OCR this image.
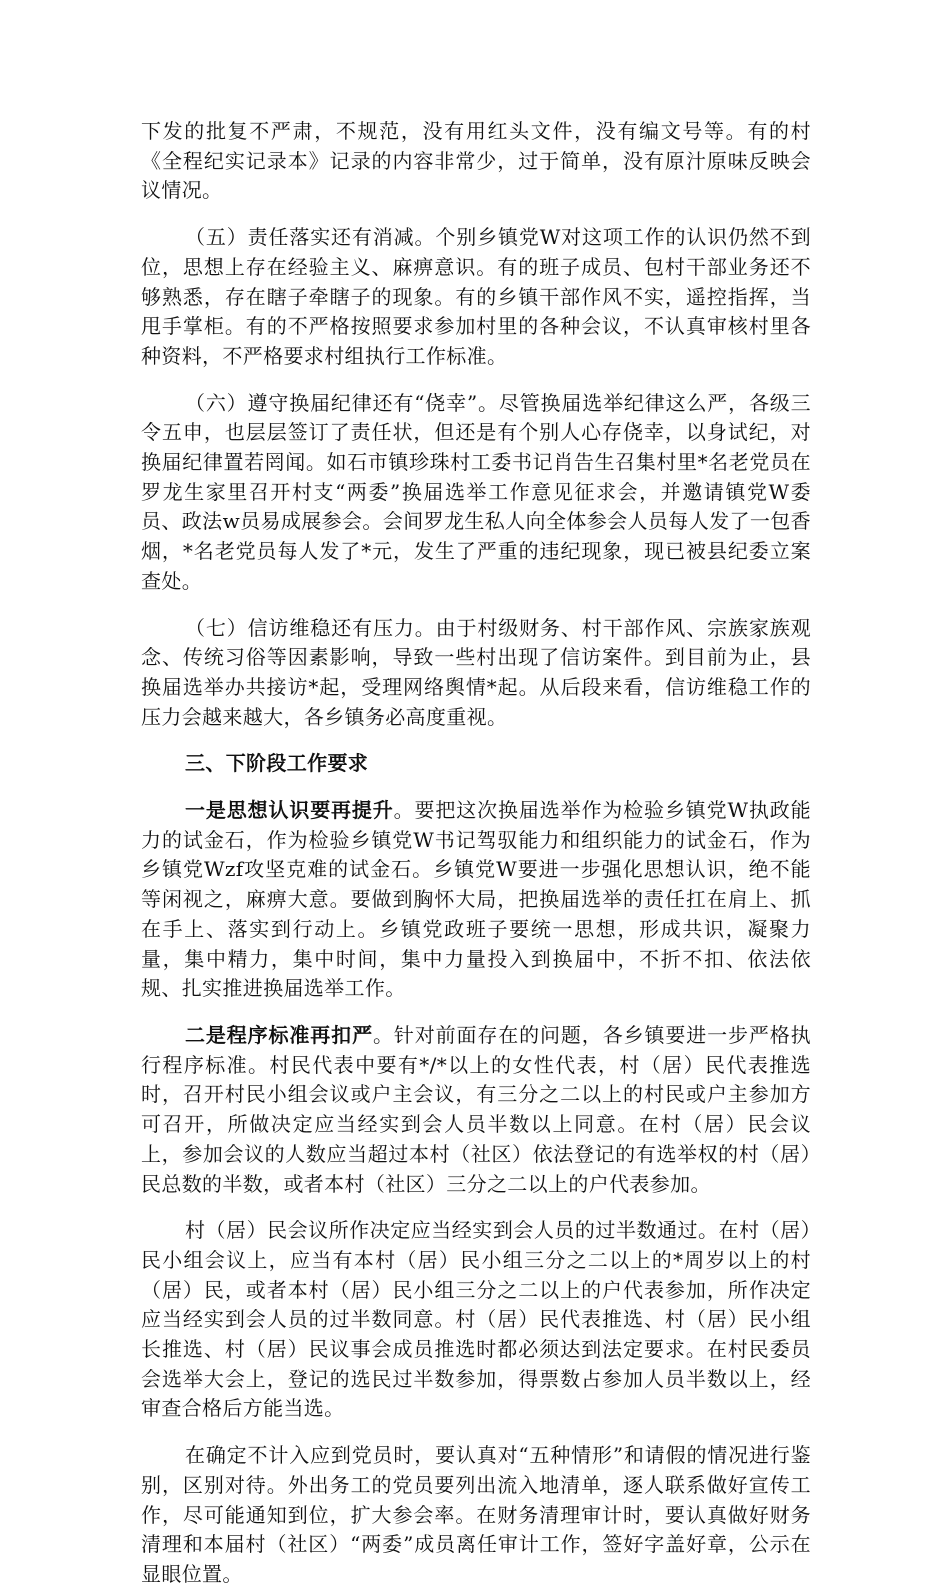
下发的批复不严肃，不规范，没有用红头文件，没有编文号等。有的村《全程纪实记录本》记录的内容非常少，过于简单，没有原汁原味反映会议情况。

（五）责任落实还有消减。个别乡镇党W对这项工作的认识仍然不到位，思想上存在经验主义、麻痹意识。有的班子成员、包村干部业务还不够熟悉，存在瞎子牵瞎子的现象。有的乡镇干部作风不实，遥控指挥，当甩手掌柜。有的不严格按照要求参加村里的各种会议，不认真审核村里各种资料，不严格要求村组执行工作标准。

（六）遵守换届纪律还有“侥幸”。尽管换届选举纪律这么严，各级三令五申，也层层签订了责任状，但还是有个别人心存侥幸，以身试纪，对换届纪律置若罔闻。如石市镇珍珠村工委书记肖告生召集村里*名老党员在罗龙生家里召开村支“两委”换届选举工作意见征求会，并邀请镇党W委员、政法w员易成展参会。会间罗龙生私人向全体参会人员每人发了一包香烟，*名老党员每人发了*元，发生了严重的违纪现象，现已被县纪委立案查处。

（七）信访维稳还有压力。由于村级财务、村干部作风、宗族家族观念、传统习俗等因素影响，导致一些村出现了信访案件。到目前为止，县换届选举办共接访*起，受理网络舆情*起。从后段来看，信访维稳工作的压力会越来越大，各乡镇务必高度重视。

三、下阶段工作要求

一是思想认识要再提升。要把这次换届选举作为检验乡镇党W执政能力的试金石，作为检验乡镇党W书记驾驭能力和组织能力的试金石，作为乡镇党Wzf攻坚克难的试金石。乡镇党W要进一步强化思想认识，绝不能等闲视之，麻痹大意。要做到胸怀大局，把换届选举的责任扛在肩上、抓在手上、落实到行动上。乡镇党政班子要统一思想，形成共识，凝聚力量，集中精力，集中时间，集中力量投入到换届中，不折不扣、依法依规、扎实推进换届选举工作。

二是程序标准再扣严。针对前面存在的问题，各乡镇要进一步严格执行程序标准。村民代表中要有*/*以上的女性代表，村（居）民代表推选时，召开村民小组会议或户主会议，有三分之二以上的村民或户主参加方可召开，所做决定应当经实到会人员半数以上同意。在村（居）民会议上，参加会议的人数应当超过本村（社区）依法登记的有选举权的村（居）民总数的半数，或者本村（社区）三分之二以上的户代表参加。

村（居）民会议所作决定应当经实到会人员的过半数通过。在村（居）民小组会议上，应当有本村（居）民小组三分之二以上的*周岁以上的村（居）民，或者本村（居）民小组三分之二以上的户代表参加，所作决定应当经实到会人员的过半数同意。村（居）民代表推选、村（居）民小组长推选、村（居）民议事会成员推选时都必须达到法定要求。在村民委员会选举大会上，登记的选民过半数参加，得票数占参加人员半数以上，经审查合格后方能当选。

在确定不计入应到党员时，要认真对“五种情形”和请假的情况进行鉴别，区别对待。外出务工的党员要列出流入地清单，逐人联系做好宣传工作，尽可能通知到位，扩大参会率。在财务清理审计时，要认真做好财务清理和本届村（社区）“两委”成员离任审计工作，签好字盖好章，公示在显眼位置。
